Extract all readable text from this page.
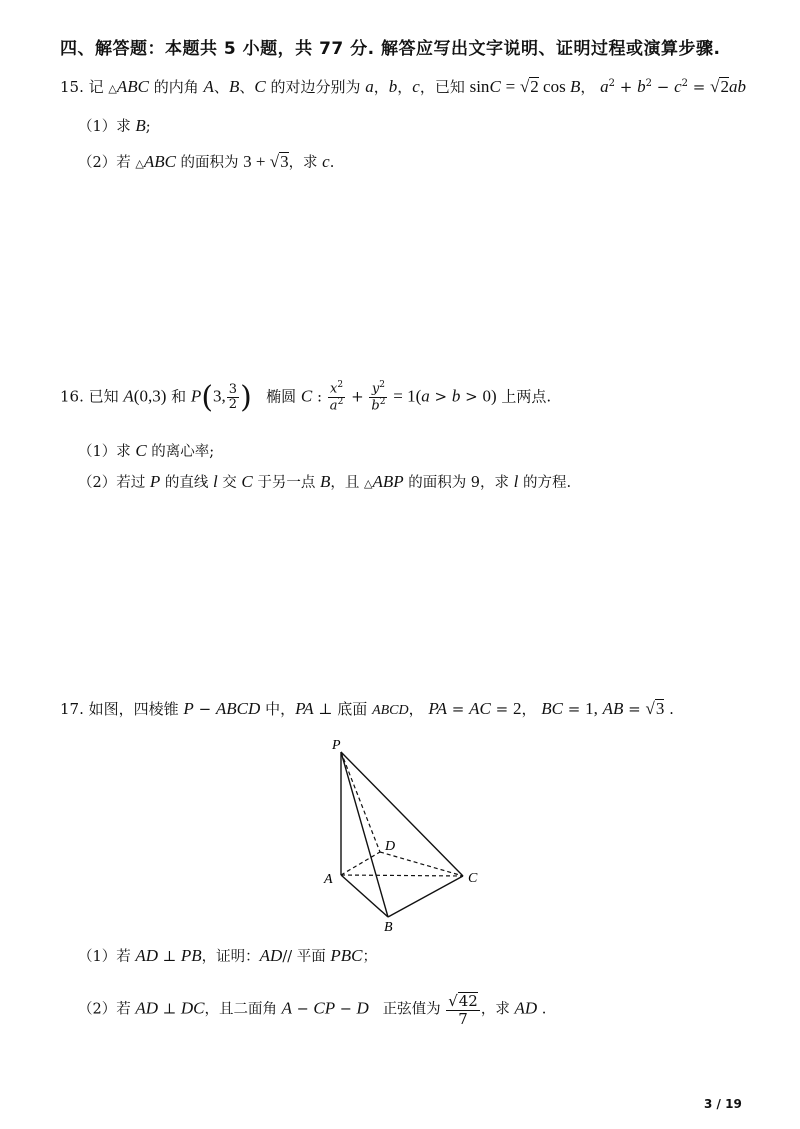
四、解答题：本题共 5 小题，共 77 分. 解答应写出文字说明、证明过程或演算步骤.
15. 记 △ABC 的内角 A、B、C 的对边分别为 a，b，c，已知 sinC = √2 cos B， $a^2 + b^2 - c^2 = √2ab$
（1）求 B;
（2）若 △ABC 的面积为 3 + √3，求 c.
16. 已知 A(0,3) 和 P(3, $\frac{3}{2}$ )   椭圆 C : $\frac{x^2}{a^2} + \frac{y^2}{b^2} = 1(a > b > 0)$ 上两点.
（1）求 C 的离心率;
（2）若过 P 的直线 l 交 C 于另一点 B，且 △ABP 的面积为 9，求 l 的方程.
17. 如图，四棱锥 P − ABCD 中，PA ⊥ 底面 ABCD， PA = AC = 2， BC = 1, AB = √3 .
P
A
B
C
D
（1）若 AD ⊥ PB，证明：AD// 平面 PBC；
（2）若 AD ⊥ DC，且二面角 A − CP − D   正弦值为 $\frac{√42}{7}$ ，求 AD .
3 / 19
